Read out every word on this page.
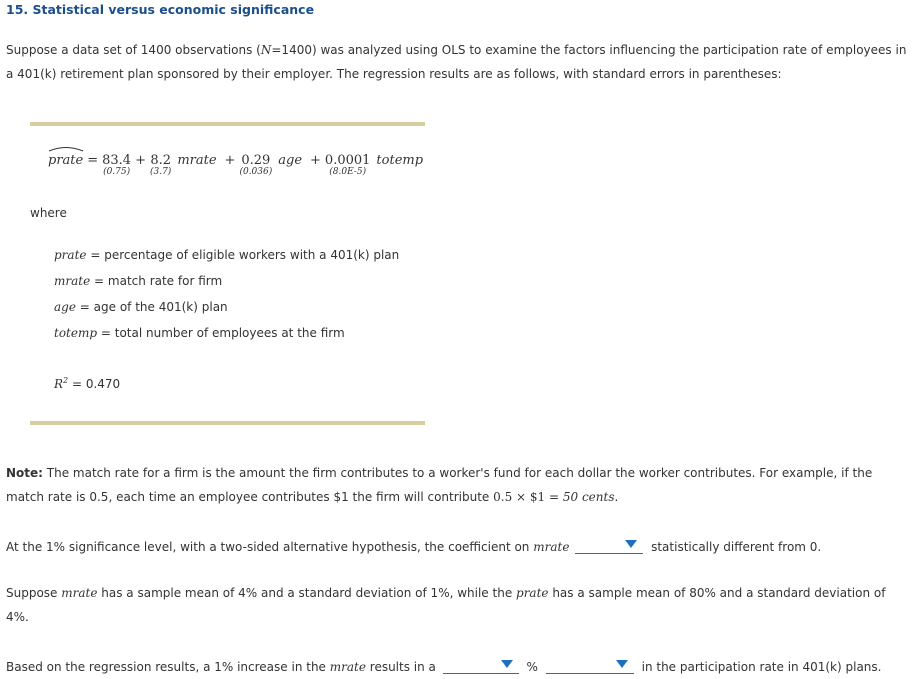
15. Statistical versus economic significance
Suppose a data set of 1400 observations (N=1400) was analyzed using OLS to examine the factors influencing the participation rate of employees in
a 401(k) retirement plan sponsored by their employer. The regression results are as follows, with standard errors in parentheses:
prate = 83.4
(0.75)
+ 8.2
(3.7)
mrate + 0.29
(0.036)
age + 0.0001
(8.0E-5)
totemp
where
prate = percentage of eligible workers with a 401(k) plan
mrate = match rate for firm
age = age of the 401(k) plan
totemp = total number of employees at the firm
$R^2 = 0.470$
Note: The match rate for a firm is the amount the firm contributes to a worker's fund for each dollar the worker contributes. For example, if the
match rate is 0.5, each time an employee contributes $1 the firm will contribute 0.5 × $1 = 50 cents.
At the 1% significance level, with a two-sided alternative hypothesis, the coefficient on mrate	statistically different from 0.
Suppose mrate has a sample mean of 4% and a standard deviation of 1%, while the prate has a sample mean of 80% and a standard deviation of
4%.
Based on the regression results, a 1% increase in the mrate results in a	%	in the participation rate in 401(k) plans.
